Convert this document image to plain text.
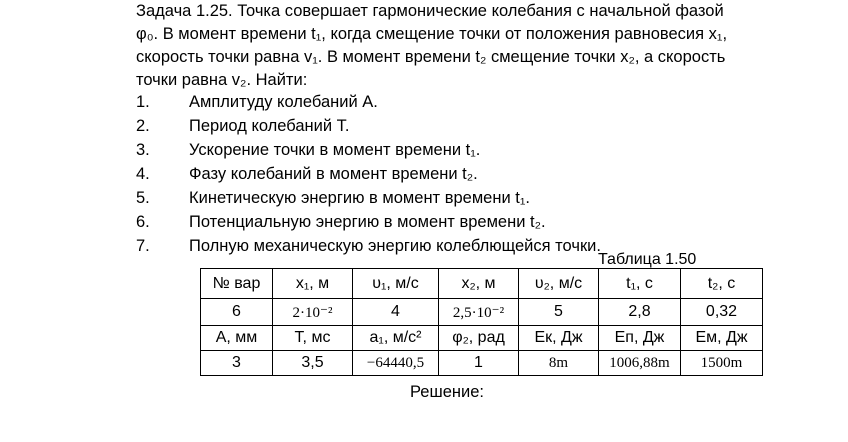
Задача 1.25. Точка совершает гармонические колебания с начальной фазой
φ₀. В момент времени t₁, когда смещение точки от положения равновесия x₁,
скорость точки равна v₁. В момент времени t₂ смещение точки x₂, а скорость
точки равна v₂. Найти:
1.	Амплитуду колебаний A.
2.	Период колебаний T.
3.	Ускорение точки в момент времени t₁.
4.	Фазу колебаний в момент времени t₂.
5.	Кинетическую энергию в момент времени t₁.
6.	Потенциальную энергию в момент времени t₂.
7.	Полную механическую энергию колеблющейся точки.
Таблица 1.50
№ вар	x₁, м	υ₁, м/с	x₂, м	υ₂, м/с	t₁, с	t₂, с
6	2·10⁻²	4	2,5·10⁻²	5	2,8	0,32
A, мм	T, мс	a₁, м/с²	φ₂, рад	Eк, Дж	Eп, Дж	Eм, Дж
3	3,5	−64440,5	1	8m	1006,88m	1500m
Решение:
